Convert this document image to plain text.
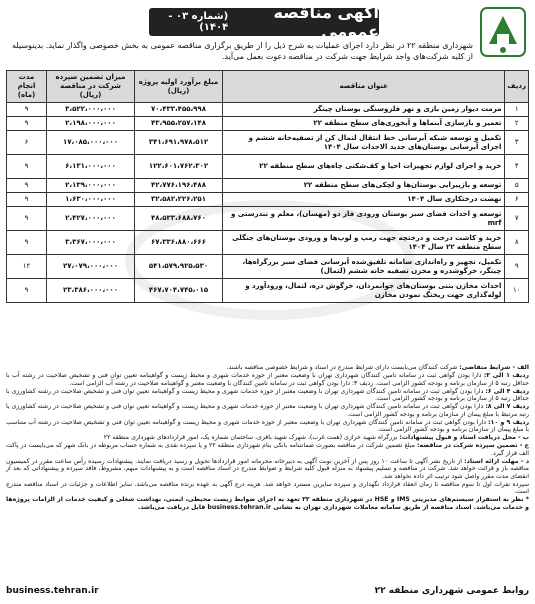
آگهی مناقصه عمومی
(شماره ۰۳ - ۱۴۰۴)
شهرداری منطقه ۲۲ در نظر دارد اجرای عملیات به شرح ذیل را از طریق برگزاری مناقصه عمومی به بخش خصوصی واگذار نماید. بدینوسیله از کلیه شرکت‌های واجد شرایط جهت شرکت در مناقصه دعوت بعمل می‌آید.
ردیف	عنوان مناقصه	مبلغ برآورد اولیه پروژه (ریال)	میزان تضمین سپرده شرکت در مناقصه (ریال)	مدت انجام (ماه)
۱	مرمت دیوار زمین بازی و نهر فلزوسنگی بوستان چیتگر	۷۰،۴۳۳،۴۵۵،۹۹۸	۳،۵۲۲،۰۰۰،۰۰۰	۹
۲	تعمیر و بازسازی آبنماها و آبخوری‌های سطح منطقه ۲۲	۴۳،۹۵۵،۲۵۷،۱۴۸	۲،۱۹۸،۰۰۰،۰۰۰	۹
۳	تکمیل و توسعه شبکه آبرسانی خط انتقال لتمال کن از تصفیه‌خانه ششم و اجرای آبرسانی بوستان‌های جدید الاحداث سال ۱۴۰۴	۳۴۱،۶۹۱،۹۷۸،۵۱۲	۱۷،۰۸۵،۰۰۰،۰۰۰	۶
۴	خرید و اجرای لوازم تجهیزات احیا و کف‌شکنی چاه‌های سطح منطقه ۲۲	۱۲۲،۶۰۱،۷۶۲،۳۰۲	۶،۱۳۱،۰۰۰،۰۰۰	۹
۵	توسعه و بازپیرایی بوستان‌ها و لچکی‌های سطح منطقه ۲۲	۴۲،۷۷۶،۱۹۶،۴۸۸	۲،۱۳۹،۰۰۰،۰۰۰	۹
۶	نهضت درختکاری سال ۱۴۰۴	۳۲،۵۸۲،۲۲۶،۲۵۱	۱،۶۳۰،۰۰۰،۰۰۰	۹
۷	توسعه و احداث فضای سبز بوستان ورودی فاز دو (مهسان)، معلم و تندرستی و mrf	۴۸،۵۳۳،۶۸۸،۷۶۰	۲،۴۲۷،۰۰۰،۰۰۰	۹
۸	خرید و کاشت درخت و درختچه جهت رمپ و لوپ‌ها و ورودی بوستان‌های جنگلی سطح منطقه ۲۲ سال ۱۴۰۴	۶۷،۳۳۶،۸۸۰،۶۶۶	۳،۳۶۷،۰۰۰،۰۰۰	۹
۹	تکمیل، تجهیز و راه‌اندازی سامانه تلفیق‌شده آبرسانی فضای سبز بزرگراه‌ها، چیتگر، خرگوشدره و مخزن تصفیه خانه ششم (لتمال)	۵۴۱،۵۷۹،۹۲۵،۵۳۰	۲۷،۰۷۹،۰۰۰،۰۰۰	۱۲
۱۰	احداث مخازن بتنی بوستان‌های جوانمردان، خرگوش دره، لتمال، ورودآورد و لوله‌گذاری جهت ریختگ نمودن مخازن	۴۶۷،۷۰۴،۷۴۵،۰۱۵	۲۳،۳۸۶،۰۰۰،۰۰۰	۹

الف - شرایط متقاضی: شرکت کنندگان می‌بایست دارای شرایط مندرج در اسناد و شرایط خصوصی مناقصه باشند.

ردیف ۱ الی ۲: دارا بودن گواهی ثبت در سامانه تامین کنندگان شهرداری تهران با وضعیت معتبر از حوزه خدمات شهری و محیط زیست و گواهینامه تعیین توان فنی و تشخیص صلاحیت در رشته آب با حداقل رتبه ۵ از سازمان برنامه و بودجه کشور الزامی است. ردیف ۳: دارا بودن گواهی ثبت در سامانه تامین کنندگان با وضعیت معتبر و گواهینامه صلاحیت در رشته آب الزامی است.

ردیف ۴ الی ۶: دارا بودن گواهی ثبت در سامانه تامین کنندگان شهرداری تهران با وضعیت معتبر از حوزه خدمات شهری و محیط زیست و گواهینامه تعیین توان فنی و تشخیص صلاحیت در رشته کشاورزی با حداقل رتبه ۵ از سازمان برنامه و بودجه کشور الزامی است.

ردیف ۷ الی ۸: دارا بودن گواهی ثبت در سامانه تامین کنندگان شهرداری تهران با وضعیت معتبر از حوزه خدمات شهری و محیط زیست و گواهینامه تعیین توان فنی و تشخیص صلاحیت در رشته کشاورزی یا رتبه مرتبط با مبلغ پیمان از سازمان برنامه و بودجه کشور الزامی است.

ردیف ۹ و ۱۰: دارا بودن گواهی ثبت در سامانه تامین کنندگان شهرداری تهران با وضعیت معتبر از حوزه خدمات شهری و محیط زیست و گواهینامه تعیین توان فنی و تشخیص صلاحیت در رشته آب متناسب با مبلغ پیمان از سازمان برنامه و بودجه کشور الزامی است.

ب - محل دریافت اسناد و قبول پیشنهادات: بزرگراه شهید خرازی (همت غرب)، شهرک شهید باقری، ساختمان شماره یک، امور قراردادهای شهرداری منطقه ۲۲

ج - تضمین سپرده شرکت در مناقصه: مبلغ تضمین شرکت در مناقصه بصورت ضمانتنامه بانکی بنام شهرداری منطقه ۲۲ و یا سپرده نقدی به شماره حساب مربوطه در بانک شهر که می‌بایست در پاکت الف قرار گیرد.

د - مهلت ارائه اسناد: از تاریخ نشر آگهی تا ساعت ۱۰ روز پس از آخرین نوبت آگهی به دبیرخانه محرمانه امور قراردادها تحویل و رسید دریافت نمایند. پیشنهادات رسیده رأس ساعت مقرر در کمیسیون مناقصه باز و قرائت خواهد شد. شرکت در مناقصه و تسلیم پیشنهاد به منزله قبول کلیه شرایط و ضوابط مندرج در اسناد مناقصه است و به پیشنهادات مبهم، مشروط، فاقد سپرده و پیشنهاداتی که بعد از انقضای مدت مقرر واصل شود ترتیب اثر داده نخواهد شد.

سپرده نفرات اول تا سوم مناقصه تا زمان انعقاد قرارداد نگهداری و سپرده سایرین مسترد خواهد شد. هزینه درج آگهی به عهده برنده مناقصه می‌باشد. سایر اطلاعات و جزئیات در اسناد مناقصه مندرج است.

* نظر به استقرار سیستم‌های مدیریتی IMS و HSE در شهرداری منطقه ۲۲ تعهد به اجرای ضوابط زیست محیطی، ایمنی، بهداشت شغلی و کیفیت خدمات از الزامات پروژه‌ها و خدمات می‌باشد. اسناد مناقصه از طریق سامانه معاملات شهرداری تهران به نشانی business.tehran.ir قابل دریافت می‌باشد.

روابط عمومی شهرداری منطقه ۲۲
business.tehran.ir
